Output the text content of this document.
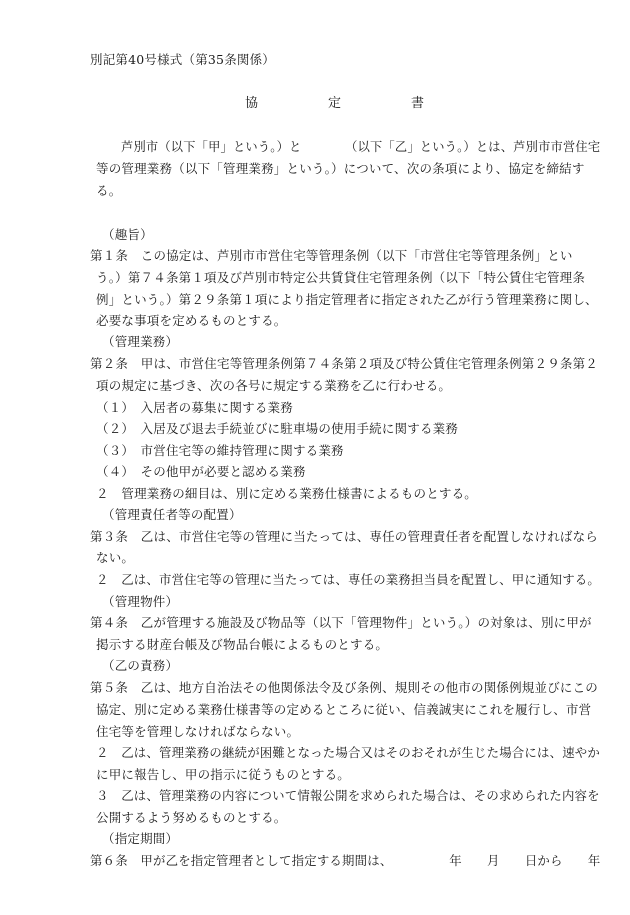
別記第40号様式（第35条関係）
協	定	書
芦別市（以下「甲」という。）と　　　　（以下「乙」という。）とは、芦別市市営住宅
等の管理業務（以下「管理業務」という。）について、次の条項により、協定を締結す
る。
（趣旨）
第１条　この協定は、芦別市市営住宅等管理条例（以下「市営住宅等管理条例」とい
う。）第７４条第１項及び芦別市特定公共賃貸住宅管理条例（以下「特公賃住宅管理条
例」という。）第２９条第１項により指定管理者に指定された乙が行う管理業務に関し、
必要な事項を定めるものとする。
（管理業務）
第２条　甲は、市営住宅等管理条例第７４条第２項及び特公賃住宅管理条例第２９条第２
項の規定に基づき、次の各号に規定する業務を乙に行わせる。
（１）　入居者の募集に関する業務
（２）　入居及び退去手続並びに駐車場の使用手続に関する業務
（３）　市営住宅等の維持管理に関する業務
（４）　その他甲が必要と認める業務
２　管理業務の細目は、別に定める業務仕様書によるものとする。
（管理責任者等の配置）
第３条　乙は、市営住宅等の管理に当たっては、専任の管理責任者を配置しなければなら
ない。
２　乙は、市営住宅等の管理に当たっては、専任の業務担当員を配置し、甲に通知する。
（管理物件）
第４条　乙が管理する施設及び物品等（以下「管理物件」という。）の対象は、別に甲が
掲示する財産台帳及び物品台帳によるものとする。
（乙の責務）
第５条　乙は、地方自治法その他関係法令及び条例、規則その他市の関係例規並びにこの
協定、別に定める業務仕様書等の定めるところに従い、信義誠実にこれを履行し、市営
住宅等を管理しなければならない。
２　乙は、管理業務の継続が困難となった場合又はそのおそれが生じた場合には、速やか
に甲に報告し、甲の指示に従うものとする。
３　乙は、管理業務の内容について情報公開を求められた場合は、その求められた内容を
公開するよう努めるものとする。
（指定期間）
第６条　甲が乙を指定管理者として指定する期間は、　　　　　年　　月　　日から　　年
